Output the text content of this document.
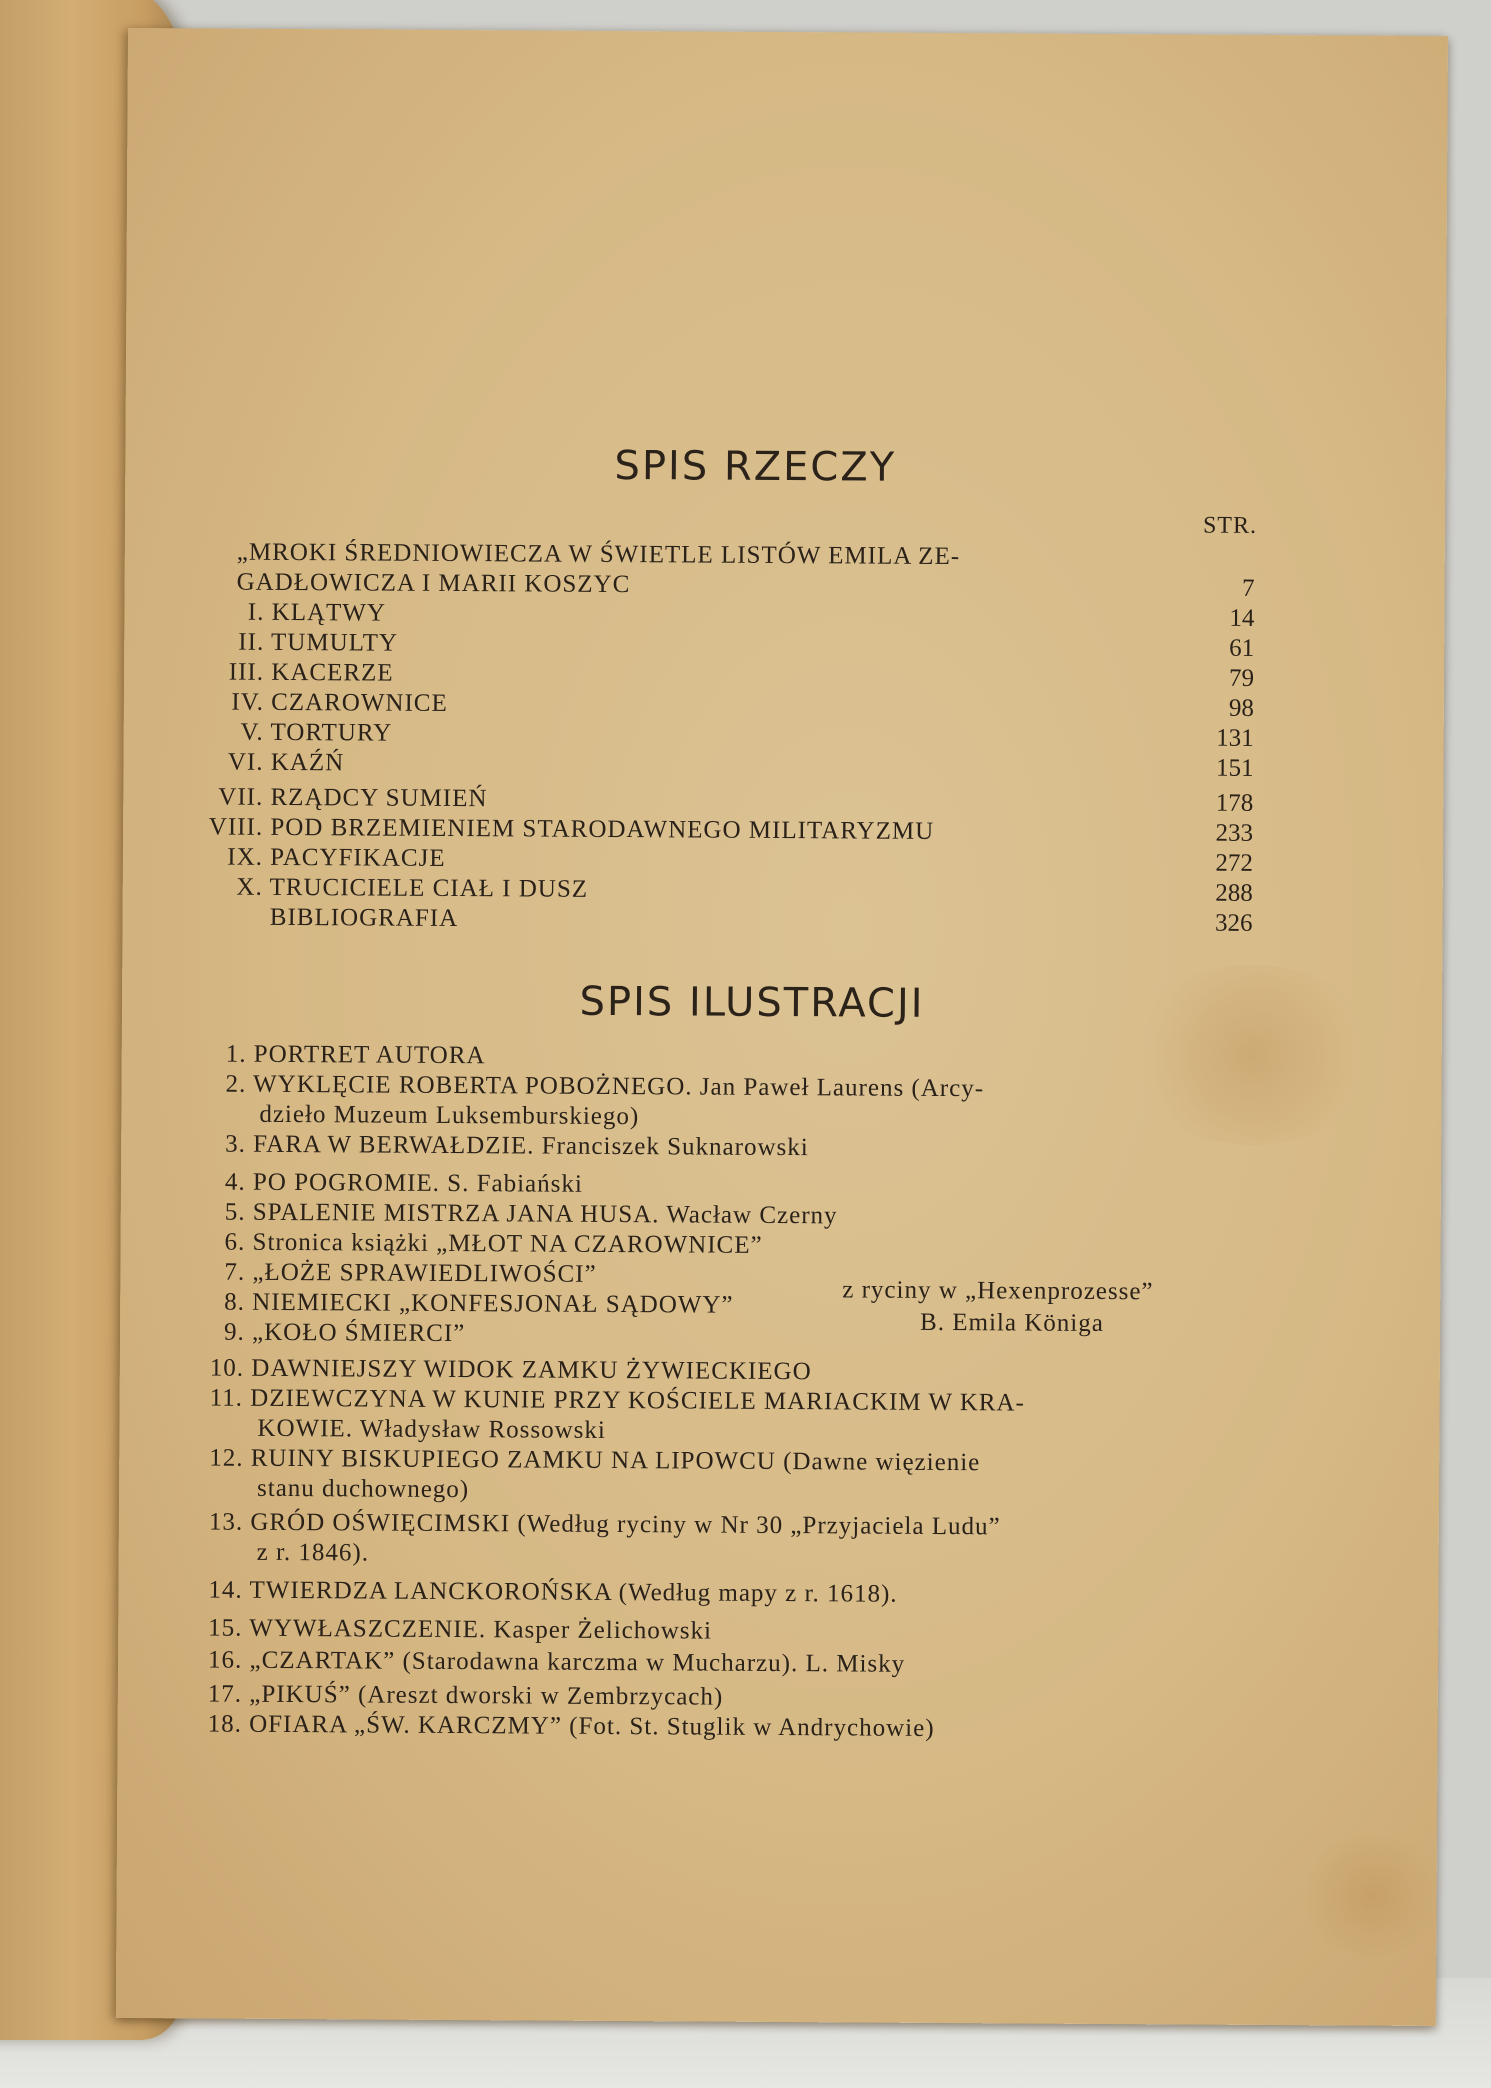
SPIS RZECZY
STR.
„MROKI ŚREDNIOWIECZA W ŚWIETLE LISTÓW EMILA ZE-
GADŁOWICZA I MARII KOSZYC	7
I. KLĄTWY	14
II. TUMULTY	61
III. KACERZE	79
IV. CZAROWNICE	98
V. TORTURY	131
VI. KAŹŃ	151
VII. RZĄDCY SUMIEŃ	178
VIII. POD BRZEMIENIEM STARODAWNEGO MILITARYZMU	233
IX. PACYFIKACJE	272
X. TRUCICIELE CIAŁ I DUSZ	288
BIBLIOGRAFIA	326
SPIS ILUSTRACJI
1. PORTRET AUTORA
2. WYKLĘCIE ROBERTA POBOŻNEGO. Jan Paweł Laurens (Arcy-
dzieło Muzeum Luksemburskiego)
3. FARA W BERWAŁDZIE. Franciszek Suknarowski
4. PO POGROMIE. S. Fabiański
5. SPALENIE MISTRZA JANA HUSA. Wacław Czerny
6. Stronica książki „MŁOT NA CZAROWNICE”
7. „ŁOŻE SPRAWIEDLIWOŚCI”
z ryciny w „Hexenprozesse”
8. NIEMIECKI „KONFESJONAŁ SĄDOWY”
B. Emila Königa
9. „KOŁO ŚMIERCI”
10. DAWNIEJSZY WIDOK ZAMKU ŻYWIECKIEGO
11. DZIEWCZYNA W KUNIE PRZY KOŚCIELE MARIACKIM W KRA-
KOWIE. Władysław Rossowski
12. RUINY BISKUPIEGO ZAMKU NA LIPOWCU (Dawne więzienie
stanu duchownego)
13. GRÓD OŚWIĘCIMSKI (Według ryciny w Nr 30 „Przyjaciela Ludu”
z r. 1846).
14. TWIERDZA LANCKOROŃSKA (Według mapy z r. 1618).
15. WYWŁASZCZENIE. Kasper Żelichowski
16. „CZARTAK” (Starodawna karczma w Mucharzu). L. Misky
17. „PIKUŚ” (Areszt dworski w Zembrzycach)
18. OFIARA „ŚW. KARCZMY” (Fot. St. Stuglik w Andrychowie)
